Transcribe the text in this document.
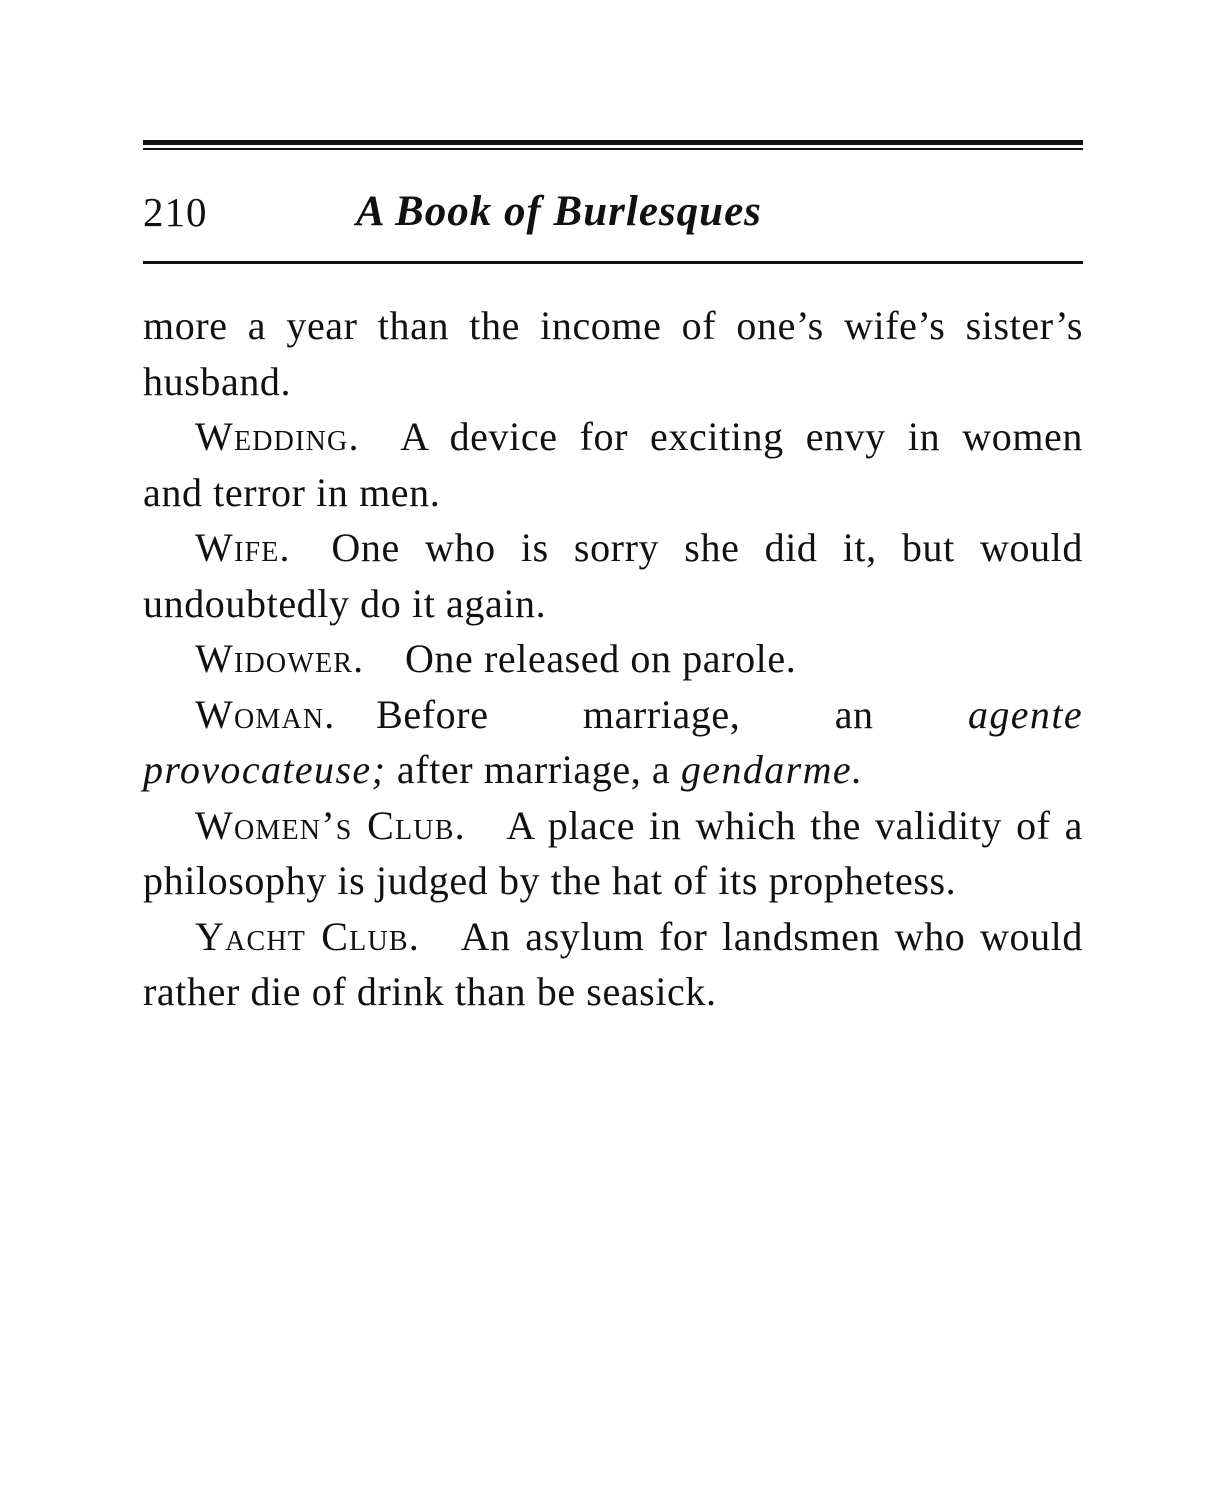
210	A Book of Burlesques

more a year than the income of one’s wife’s sister’s husband.

Wedding.  A device for exciting envy in women and terror in men.

Wife.  One who is sorry she did it, but would undoubtedly do it again.

Widower.  One released on parole.

Woman.  Before marriage, an agente provocateuse; after marriage, a gendarme.

Women’s Club.  A place in which the validity of a philosophy is judged by the hat of its prophetess.

Yacht Club.  An asylum for landsmen who would rather die of drink than be seasick.
